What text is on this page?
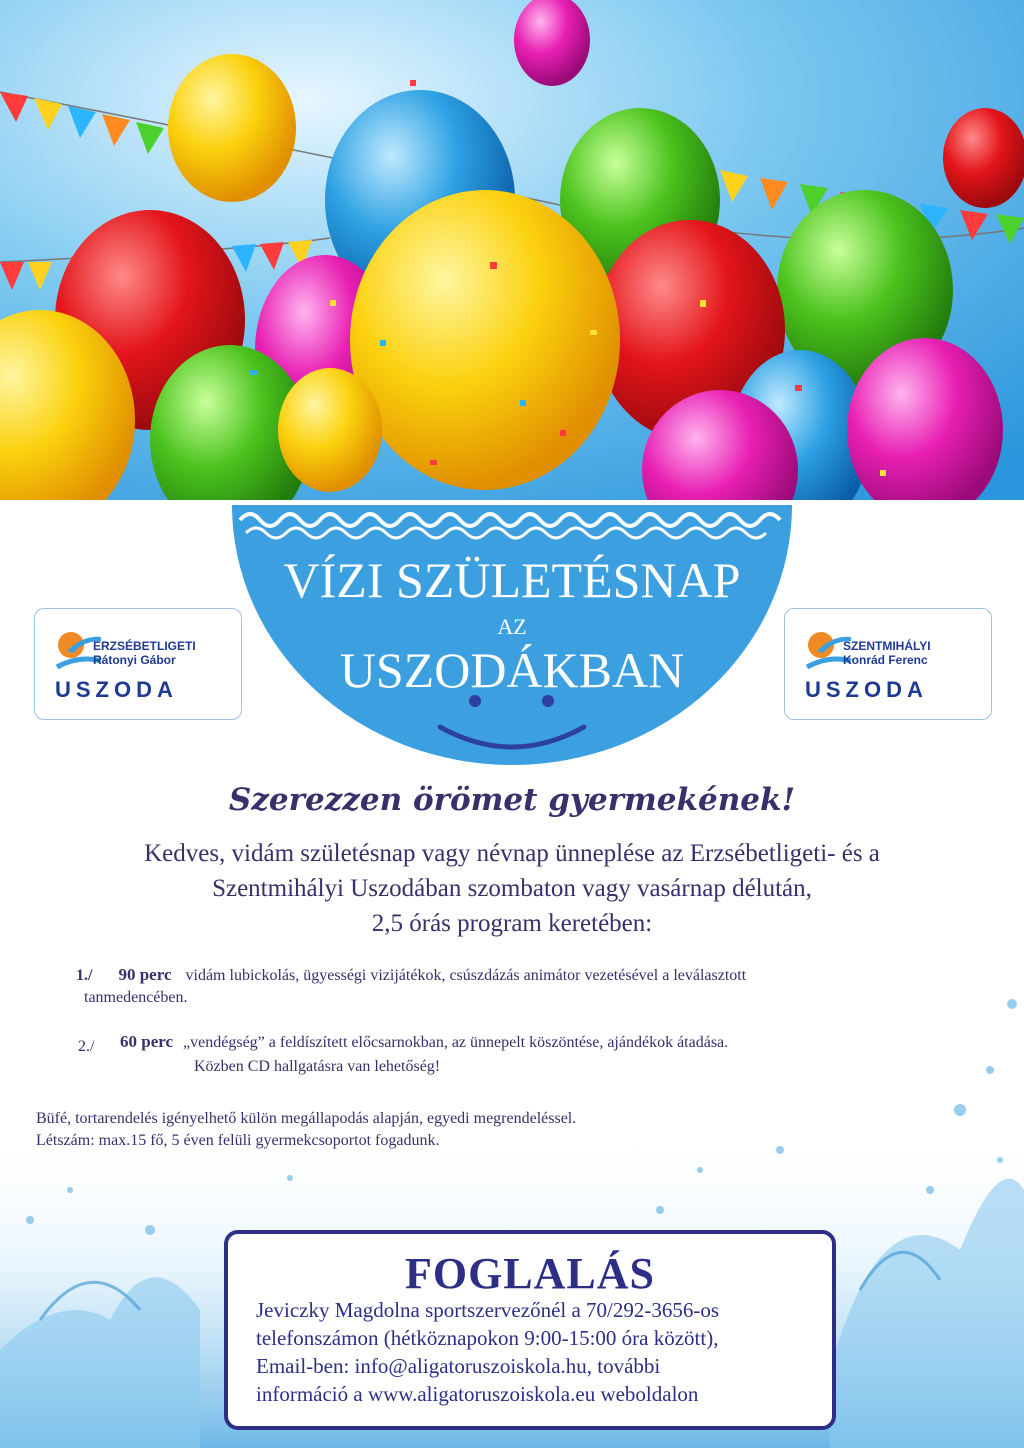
VÍZI SZÜLETÉSNAP
AZ
USZODÁKBAN
ERZSÉBETLIGETI
Rátonyi Gábor
USZODA
SZENTMIHÁLYI
Konrád Ferenc
USZODA
Szerezzen örömet gyermekének!
Kedves, vidám születésnap vagy névnap ünneplése az Erzsébetligeti- és a
Szentmihályi Uszodában szombaton vagy vasárnap délután,
2,5 órás program keretében:
1./ 90 perc vidám lubickolás, ügyességi vizijátékok, csúszdázás animátor vezetésével a leválasztott
tanmedencében.
2./ 60 perc „vendégség” a feldíszített előcsarnokban, az ünnepelt köszöntése, ajándékok átadása.
Közben CD hallgatásra van lehetőség!
Büfé, tortarendelés igényelhető külön megállapodás alapján, egyedi megrendeléssel.
Létszám: max.15 fő, 5 éven felüli gyermekcsoportot fogadunk.
FOGLALÁS
Jeviczky Magdolna sportszervezőnél a 70/292-3656-os
telefonszámon (hétköznapokon 9:00-15:00 óra között),
Email-ben: info@aligatoruszoiskola.hu, további
információ a www.aligatoruszoiskola.eu weboldalon
